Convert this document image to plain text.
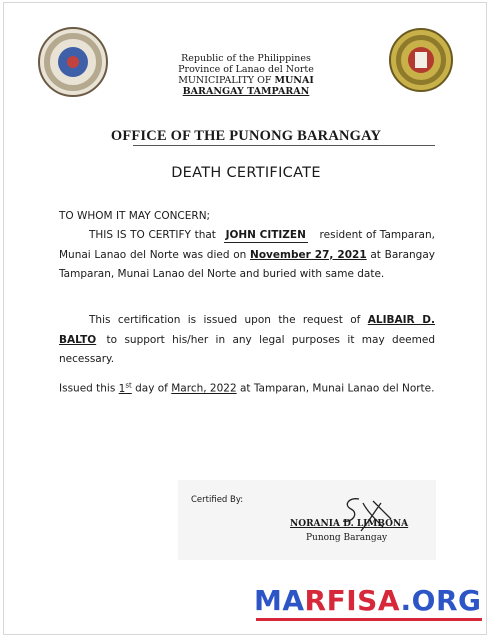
Republic of the Philippines
Province of Lanao del Norte
MUNICIPALITY OF MUNAI
BARANGAY TAMPARAN
OFFICE OF THE PUNONG BARANGAY
DEATH CERTIFICATE
TO WHOM IT MAY CONCERN;
THIS IS TO CERTIFY that JOHN CITIZEN resident of Tamparan, Munai Lanao del Norte was died on November 27, 2021 at Barangay Tamparan, Munai Lanao del Norte and buried with same date.
This certification is issued upon the request of ALIBAIR D. BALTO to support his/her in any legal purposes it may deemed necessary.
Issued this 1st day of March, 2022 at Tamparan, Munai Lanao del Norte.
Certified By:
NORANIA D. LIMBONA
Punong Barangay
MARFISA.ORG
